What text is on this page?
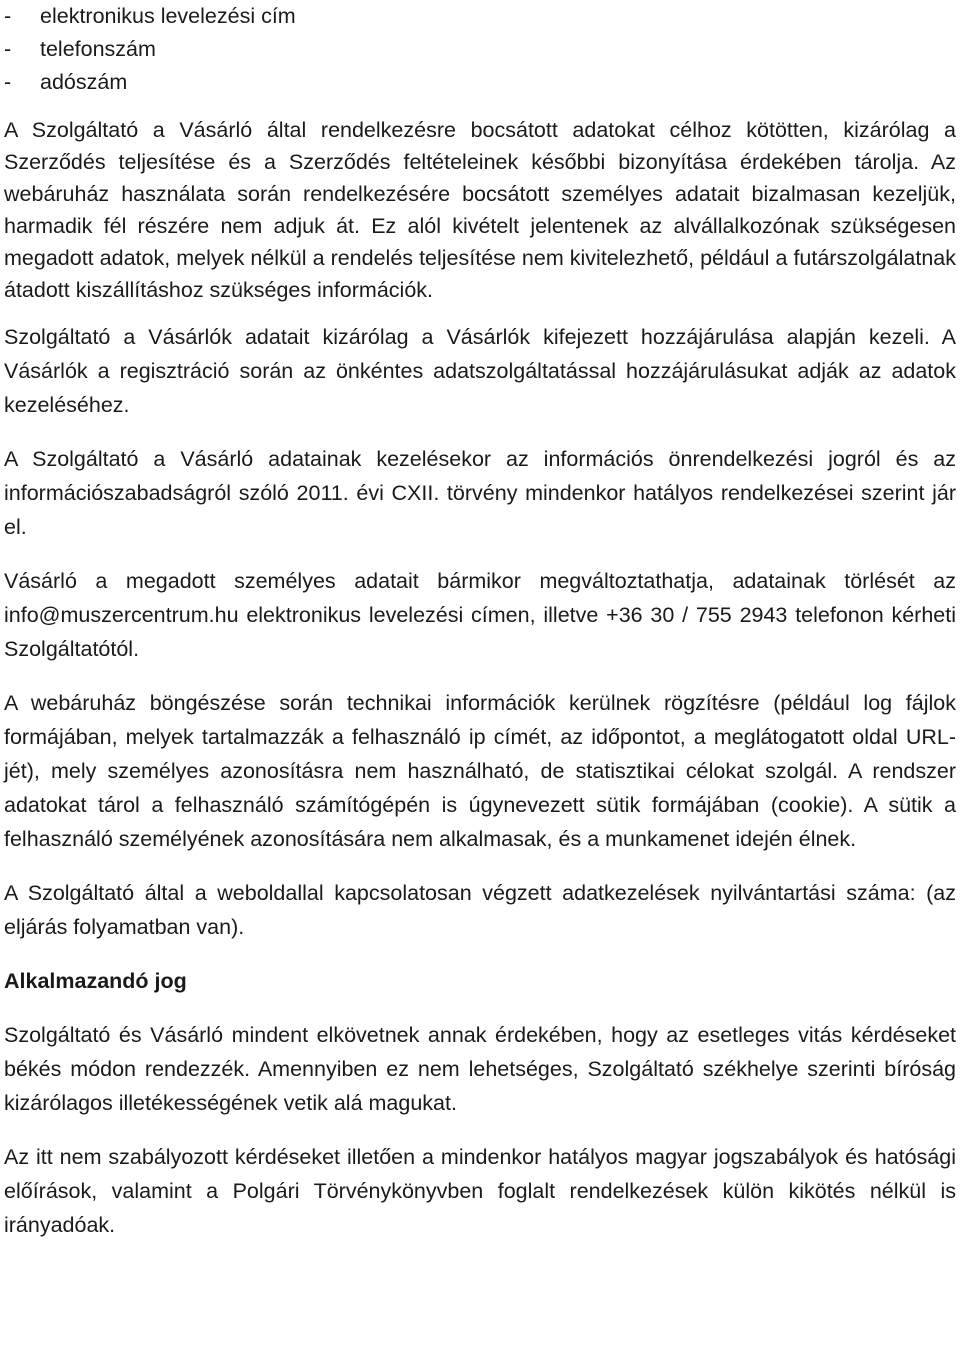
- elektronikus levelezési cím
- telefonszám
- adószám

A Szolgáltató a Vásárló által rendelkezésre bocsátott adatokat célhoz kötötten, kizárólag a Szerződés teljesítése és a Szerződés feltételeinek későbbi bizonyítása érdekében tárolja. Az webáruház használata során rendelkezésére bocsátott személyes adatait bizalmasan kezeljük, harmadik fél részére nem adjuk át. Ez alól kivételt jelentenek az alvállalkozónak szükségesen megadott adatok, melyek nélkül a rendelés teljesítése nem kivitelezhető, például a futárszolgálatnak átadott kiszállításhoz szükséges információk.

Szolgáltató a Vásárlók adatait kizárólag a Vásárlók kifejezett hozzájárulása alapján kezeli. A Vásárlók a regisztráció során az önkéntes adatszolgáltatással hozzájárulásukat adják az adatok kezeléséhez.

A Szolgáltató a Vásárló adatainak kezelésekor az információs önrendelkezési jogról és az információszabadságról szóló 2011. évi CXII. törvény mindenkor hatályos rendelkezései szerint jár el.

Vásárló a megadott személyes adatait bármikor megváltoztathatja, adatainak törlését az info@muszercentrum.hu elektronikus levelezési címen, illetve +36 30 / 755 2943 telefonon kérheti Szolgáltatótól.

A webáruház böngészése során technikai információk kerülnek rögzítésre (például log fájlok formájában, melyek tartalmazzák a felhasználó ip címét, az időpontot, a meglátogatott oldal URL-jét), mely személyes azonosításra nem használható, de statisztikai célokat szolgál. A rendszer adatokat tárol a felhasználó számítógépén is úgynevezett sütik formájában (cookie). A sütik a felhasználó személyének azonosítására nem alkalmasak, és a munkamenet idején élnek.

A Szolgáltató által a weboldallal kapcsolatosan végzett adatkezelések nyilvántartási száma: (az eljárás folyamatban van).

Alkalmazandó jog

Szolgáltató és Vásárló mindent elkövetnek annak érdekében, hogy az esetleges vitás kérdéseket békés módon rendezzék. Amennyiben ez nem lehetséges, Szolgáltató székhelye szerinti bíróság kizárólagos illetékességének vetik alá magukat.

Az itt nem szabályozott kérdéseket illetően a mindenkor hatályos magyar jogszabályok és hatósági előírások, valamint a Polgári Törvénykönyvben foglalt rendelkezések külön kikötés nélkül is irányadóak.
